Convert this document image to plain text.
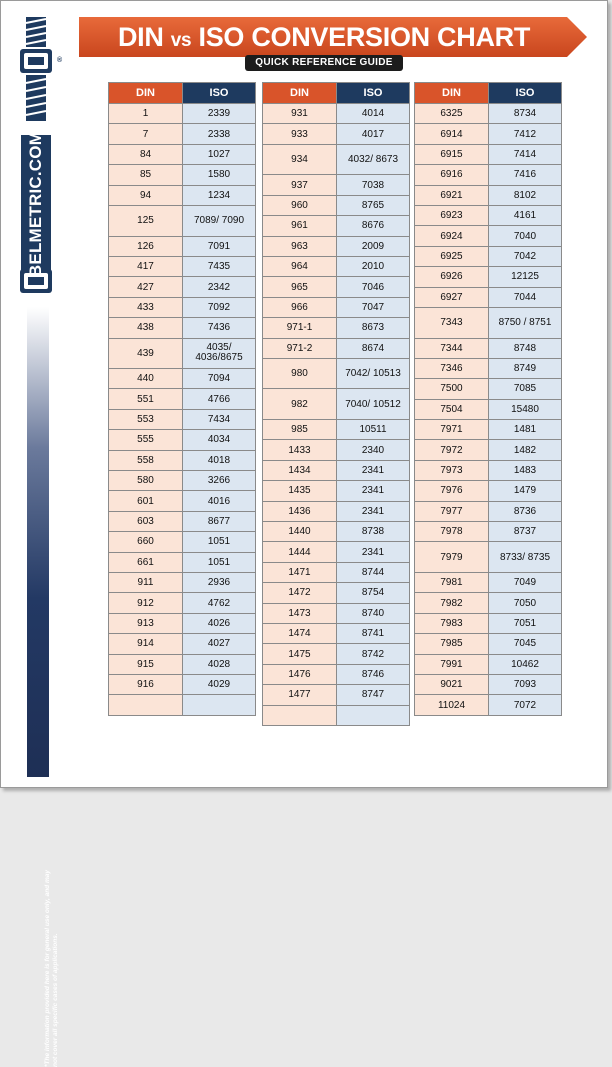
®
BELMETRIC.COM
*The information provided here is for general use only, and may not cover all specific cases of applications.
DIN vs ISO CONVERSION CHART
QUICK REFERENCE GUIDE
DIN	ISO
1	2339
7	2338
84	1027
85	1580
94	1234
125	7089/ 7090
126	7091
417	7435
427	2342
433	7092
438	7436
439	4035/ 4036/8675
440	7094
551	4766
553	7434
555	4034
558	4018
580	3266
601	4016
603	8677
660	1051
661	1051
911	2936
912	4762
913	4026
914	4027
915	4028
916	4029

DIN	ISO
931	4014
933	4017
934	4032/ 8673
937	7038
960	8765
961	8676
963	2009
964	2010
965	7046
966	7047
971-1	8673
971-2	8674
980	7042/ 10513
982	7040/ 10512
985	10511
1433	2340
1434	2341
1435	2341
1436	2341
1440	8738
1444	2341
1471	8744
1472	8754
1473	8740
1474	8741
1475	8742
1476	8746
1477	8747

DIN	ISO
6325	8734
6914	7412
6915	7414
6916	7416
6921	8102
6923	4161
6924	7040
6925	7042
6926	12125
6927	7044
7343	8750 / 8751
7344	8748
7346	8749
7500	7085
7504	15480
7971	1481
7972	1482
7973	1483
7976	1479
7977	8736
7978	8737
7979	8733/ 8735
7981	7049
7982	7050
7983	7051
7985	7045
7991	10462
9021	7093
11024	7072
